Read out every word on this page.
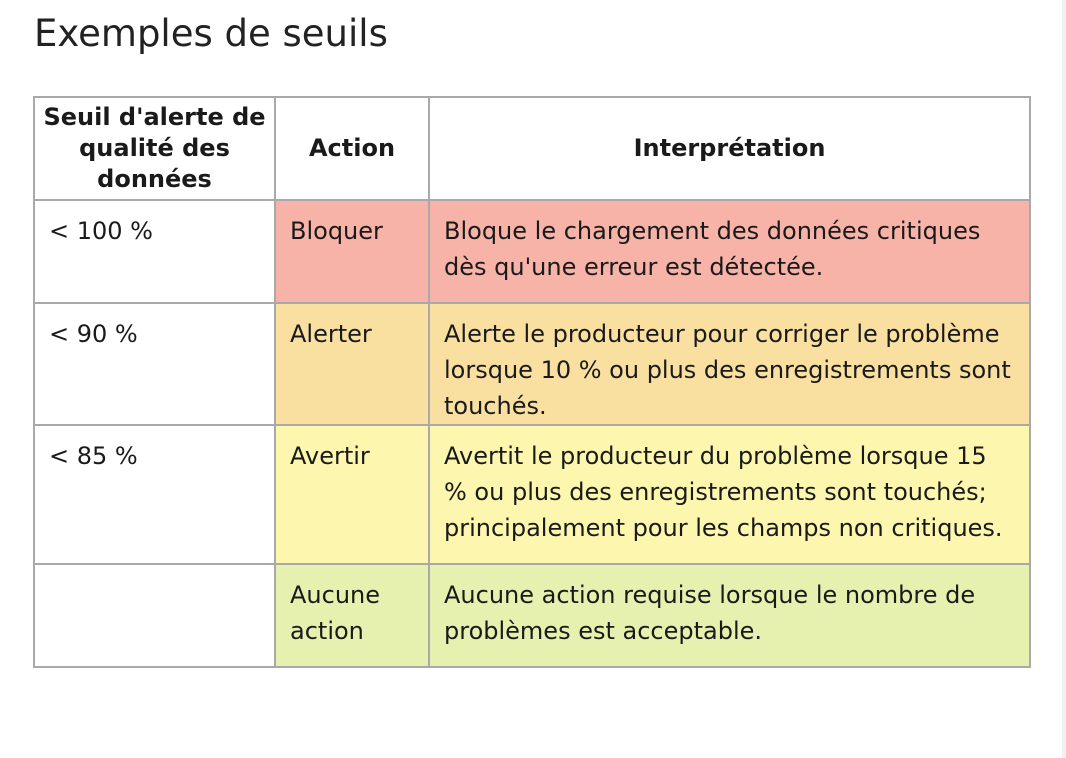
Exemples de seuils
Seuil d'alerte de qualité des données	Action	Interprétation
< 100 %	Bloquer	Bloque le chargement des données critiques dès qu'une erreur est détectée.
< 90 %	Alerter	Alerte le producteur pour corriger le problème lorsque 10 % ou plus des enregistrements sont touchés.
< 85 %	Avertir	Avertit le producteur du problème lorsque 15 % ou plus des enregistrements sont touchés; principalement pour les champs non critiques.
	Aucune action	Aucune action requise lorsque le nombre de problèmes est acceptable.
